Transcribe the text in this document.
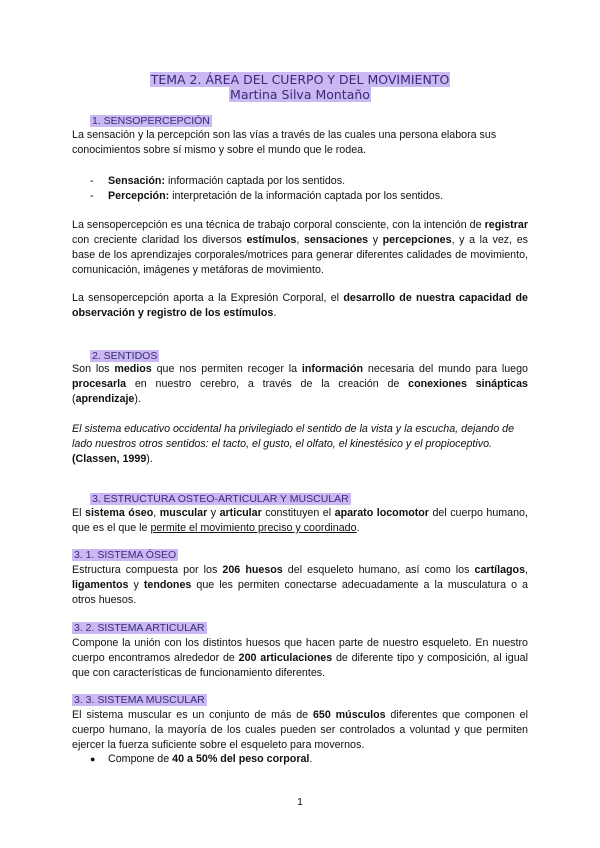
TEMA 2. ÁREA DEL CUERPO Y DEL MOVIMIENTO
Martina Silva Montaño
1. SENSOPERCEPCIÓN
La sensación y la percepción son las vías a través de las cuales una persona elabora sus conocimientos sobre sí mismo y sobre el mundo que le rodea.
- Sensación: información captada por los sentidos.
- Percepción: interpretación de la información captada por los sentidos.
La sensopercepción es una técnica de trabajo corporal consciente, con la intención de registrar con creciente claridad los diversos estímulos, sensaciones y percepciones, y a la vez, es base de los aprendizajes corporales/motrices para generar diferentes calidades de movimiento, comunicación, imágenes y metáforas de movimiento.
La sensopercepción aporta a la Expresión Corporal, el desarrollo de nuestra capacidad de observación y registro de los estímulos.
2. SENTIDOS
Son los medios que nos permiten recoger la información necesaria del mundo para luego procesarla en nuestro cerebro, a través de la creación de conexiones sinápticas (aprendizaje).
El sistema educativo occidental ha privilegiado el sentido de la vista y la escucha, dejando de lado nuestros otros sentidos: el tacto, el gusto, el olfato, el kinestésico y el propioceptivo. (Classen, 1999).
3. ESTRUCTURA OSTEO-ARTICULAR Y MUSCULAR
El sistema óseo, muscular y articular constituyen el aparato locomotor del cuerpo humano, que es el que le permite el movimiento preciso y coordinado.
3. 1. SISTEMA ÓSEO
Estructura compuesta por los 206 huesos del esqueleto humano, así como los cartílagos, ligamentos y tendones que les permiten conectarse adecuadamente a la musculatura o a otros huesos.
3. 2. SISTEMA ARTICULAR
Compone la unión con los distintos huesos que hacen parte de nuestro esqueleto. En nuestro cuerpo encontramos alrededor de 200 articulaciones de diferente tipo y composición, al igual que con características de funcionamiento diferentes.
3. 3. SISTEMA MUSCULAR
El sistema muscular es un conjunto de más de 650 músculos diferentes que componen el cuerpo humano, la mayoría de los cuales pueden ser controlados a voluntad y que permiten ejercer la fuerza suficiente sobre el esqueleto para movernos.
● Compone de 40 a 50% del peso corporal.
1
